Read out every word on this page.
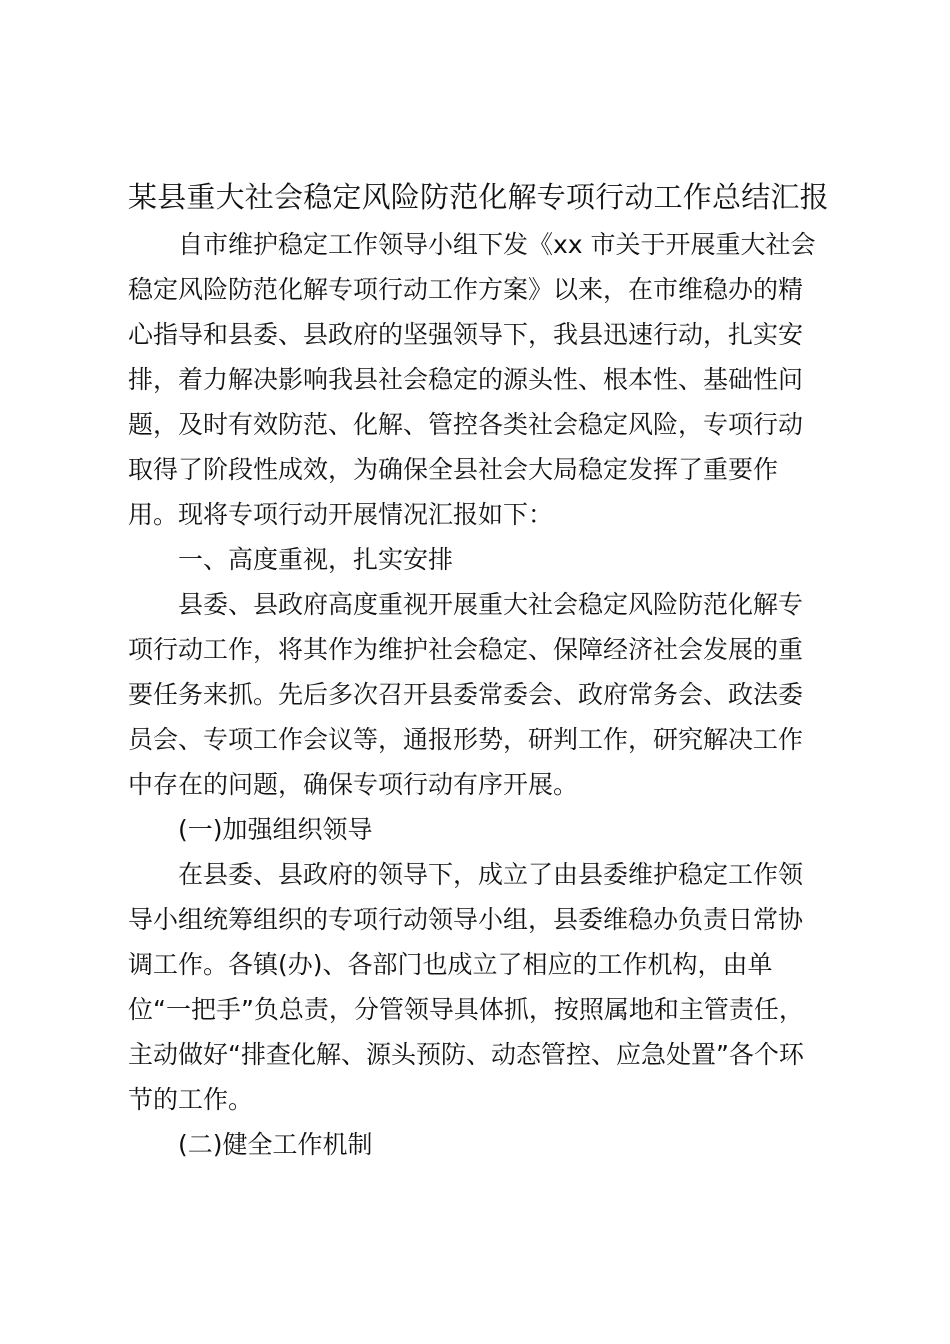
某县重大社会稳定风险防范化解专项行动工作总结汇报

自市维护稳定工作领导小组下发《xx 市关于开展重大社会

稳定风险防范化解专项行动工作方案》以来，在市维稳办的精

心指导和县委、县政府的坚强领导下，我县迅速行动，扎实安

排，着力解决影响我县社会稳定的源头性、根本性、基础性问

题，及时有效防范、化解、管控各类社会稳定风险，专项行动

取得了阶段性成效，为确保全县社会大局稳定发挥了重要作

用。现将专项行动开展情况汇报如下：

一、高度重视，扎实安排

县委、县政府高度重视开展重大社会稳定风险防范化解专

项行动工作，将其作为维护社会稳定、保障经济社会发展的重

要任务来抓。先后多次召开县委常委会、政府常务会、政法委

员会、专项工作会议等，通报形势，研判工作，研究解决工作

中存在的问题，确保专项行动有序开展。

(一)加强组织领导

在县委、县政府的领导下，成立了由县委维护稳定工作领

导小组统筹组织的专项行动领导小组，县委维稳办负责日常协

调工作。各镇(办)、各部门也成立了相应的工作机构，由单

位“一把手”负总责，分管领导具体抓，按照属地和主管责任，

主动做好“排查化解、源头预防、动态管控、应急处置”各个环

节的工作。

(二)健全工作机制
